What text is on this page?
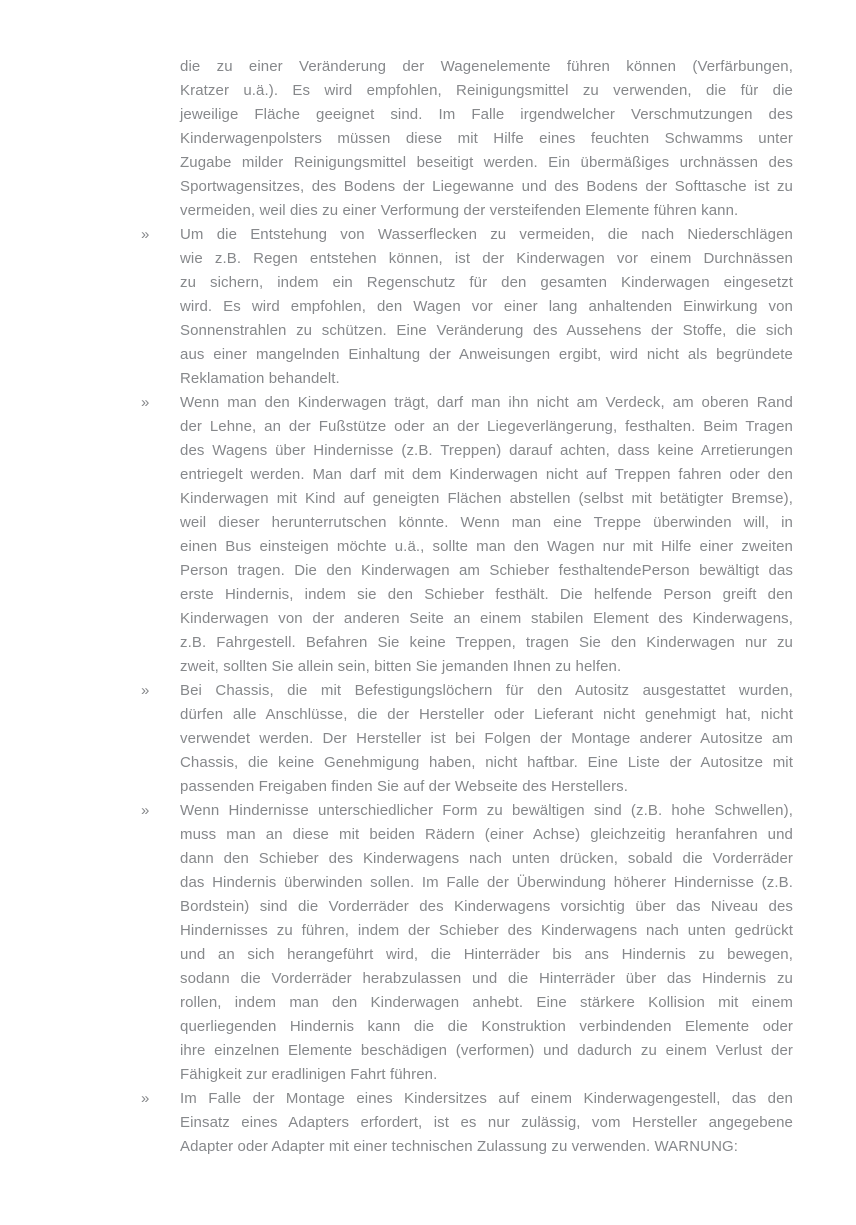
die zu einer Veränderung der Wagenelemente führen können (Verfärbungen,
Kratzer u.ä.). Es wird empfohlen, Reinigungsmittel zu verwenden, die für die
jeweilige Fläche geeignet sind. Im Falle irgendwelcher Verschmutzungen des
Kinderwagenpolsters müssen diese mit Hilfe eines feuchten Schwamms unter
Zugabe milder Reinigungsmittel beseitigt werden. Ein übermäßiges urchnässen des
Sportwagensitzes, des Bodens der Liegewanne und des Bodens der Softtasche ist zu
vermeiden, weil dies zu einer Verformung der versteifenden Elemente führen kann.
»	Um die Entstehung von Wasserflecken zu vermeiden, die nach Niederschlägen
wie z.B. Regen entstehen können, ist der Kinderwagen vor einem Durchnässen
zu sichern, indem ein Regenschutz für den gesamten Kinderwagen eingesetzt
wird. Es wird empfohlen, den Wagen vor einer lang anhaltenden Einwirkung von
Sonnenstrahlen zu schützen. Eine Veränderung des Aussehens der Stoffe, die sich
aus einer mangelnden Einhaltung der Anweisungen ergibt, wird nicht als begründete
Reklamation behandelt.
»	Wenn man den Kinderwagen trägt, darf man ihn nicht am Verdeck, am oberen Rand
der Lehne, an der Fußstütze oder an der Liegeverlängerung, festhalten. Beim Tragen
des Wagens über Hindernisse (z.B. Treppen) darauf achten, dass keine Arretierungen
entriegelt werden. Man darf mit dem Kinderwagen nicht auf Treppen fahren oder den
Kinderwagen mit Kind auf geneigten Flächen abstellen (selbst mit betätigter Bremse),
weil dieser herunterrutschen könnte. Wenn man eine Treppe überwinden will, in
einen Bus einsteigen möchte u.ä., sollte man den Wagen nur mit Hilfe einer zweiten
Person tragen. Die den Kinderwagen am Schieber festhaltendePerson bewältigt das
erste Hindernis, indem sie den Schieber festhält. Die helfende Person greift den
Kinderwagen von der anderen Seite an einem stabilen Element des Kinderwagens,
z.B. Fahrgestell. Befahren Sie keine Treppen, tragen Sie den Kinderwagen nur zu
zweit, sollten Sie allein sein, bitten Sie jemanden Ihnen zu helfen.
»	Bei Chassis, die mit Befestigungslöchern für den Autositz ausgestattet wurden,
dürfen alle Anschlüsse, die der Hersteller oder Lieferant nicht genehmigt hat, nicht
verwendet werden. Der Hersteller ist bei Folgen der Montage anderer Autositze am
Chassis, die keine Genehmigung haben, nicht haftbar. Eine Liste der Autositze mit
passenden Freigaben finden Sie auf der Webseite des Herstellers.
»	Wenn Hindernisse unterschiedlicher Form zu bewältigen sind (z.B. hohe Schwellen),
muss man an diese mit beiden Rädern (einer Achse) gleichzeitig heranfahren und
dann den Schieber des Kinderwagens nach unten drücken, sobald die Vorderräder
das Hindernis überwinden sollen. Im Falle der Überwindung höherer Hindernisse (z.B.
Bordstein) sind die Vorderräder des Kinderwagens vorsichtig über das Niveau des
Hindernisses zu führen, indem der Schieber des Kinderwagens nach unten gedrückt
und an sich herangeführt wird, die Hinterräder bis ans Hindernis zu bewegen,
sodann die Vorderräder herabzulassen und die Hinterräder über das Hindernis zu
rollen, indem man den Kinderwagen anhebt. Eine stärkere Kollision mit einem
querliegenden Hindernis kann die die Konstruktion verbindenden Elemente oder
ihre einzelnen Elemente beschädigen (verformen) und dadurch zu einem Verlust der
Fähigkeit zur eradlinigen Fahrt führen.
»	Im Falle der Montage eines Kindersitzes auf einem Kinderwagengestell, das den
Einsatz eines Adapters erfordert, ist es nur zulässig, vom Hersteller angegebene
Adapter oder Adapter mit einer technischen Zulassung zu verwenden. WARNUNG:
